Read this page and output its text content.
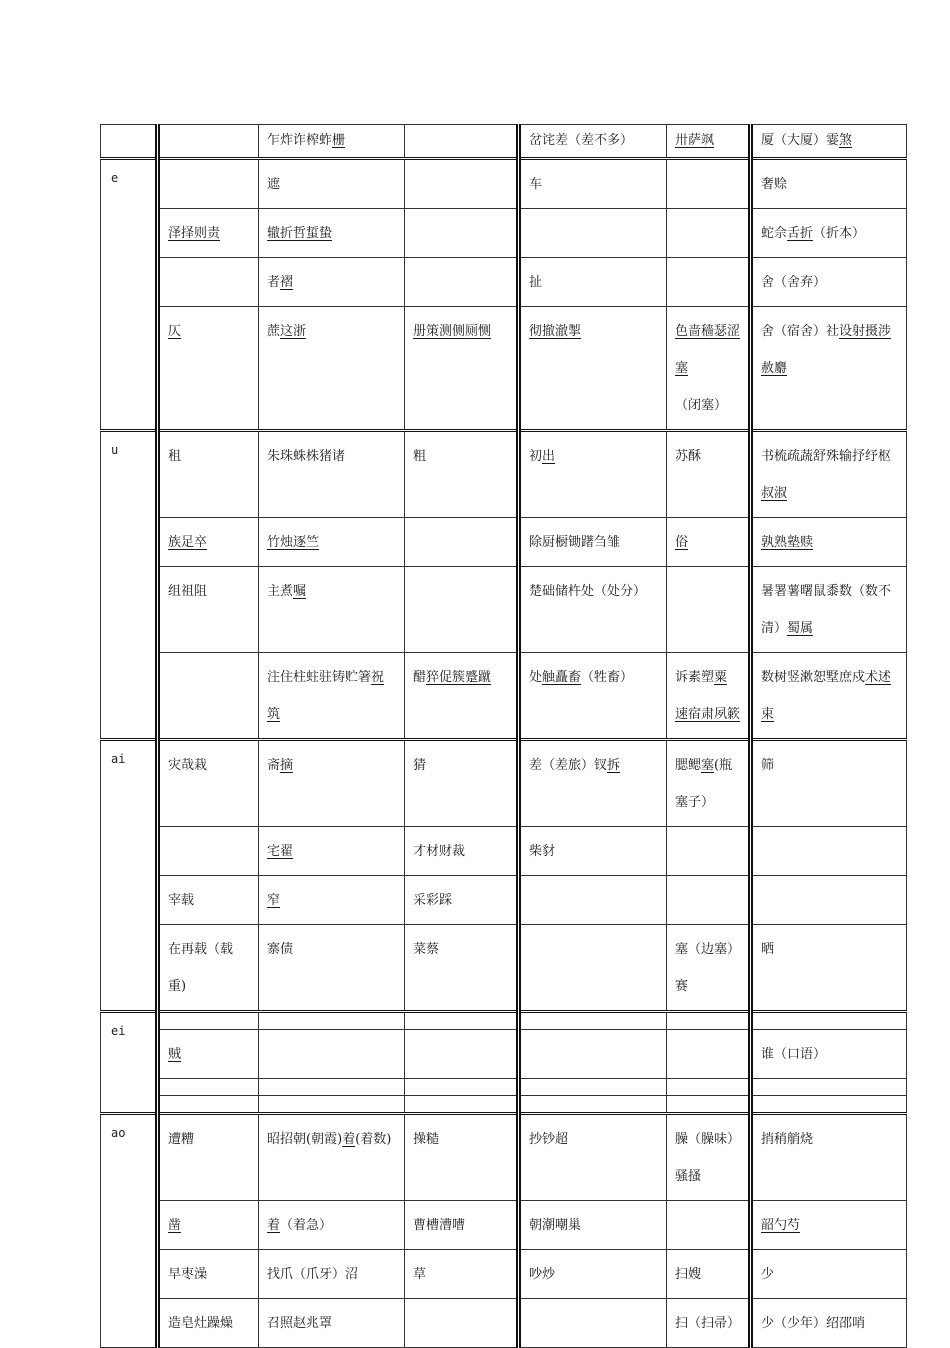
		乍炸诈榨蚱栅		岔诧差（差不多）	卅萨飒	厦（大厦）霎煞
e		遮		车		奢赊
	泽择则责	辙折哲蜇蛰				蛇佘舌折（折本）
		者褶		扯		舍（舍弃）
	仄	蔗这浙	册策测侧厕恻	彻撤澈掣	色啬穑瑟涩塞（闭塞）	舍（宿舍）社设射摄涉赦麝
u	租	朱珠蛛株猪诸	粗	初出	苏酥	书梳疏蔬舒殊输抒纾枢叔淑
	族足卒	竹烛逐竺		除厨橱锄躇刍雏	俗	孰熟塾赎
	组祖阻	主煮嘱		楚础储杵处（处分）		暑署薯曙鼠黍数（数不清）蜀属
		注住柱蛀驻铸贮箸祝筑	醋猝促簇蹙蹴	处触矗畜（牲畜）	诉素塑粟速宿肃夙簌	数树竖漱恕墅庶戍术述束
ai	灾哉栽	斋摘	猜	差（差旅）钗拆	腮鳃塞(瓶塞子）	筛
		宅翟	才材财裁	柴豺		
	宰载	窄	采彩踩			
	在再载（载重)	寨债	菜蔡		塞（边塞）赛	晒
ei						
	贼					谁（口语）

ao	遭糟	昭招朝(朝霞)着(着数)	操糙	抄钞超	臊（臊味）骚搔	捎稍艄烧
	凿	着（着急）	曹槽漕嘈	朝潮嘲巢		韶勺芍
	早枣澡	找爪（爪牙）沼	草	吵炒	扫嫂	少
	造皂灶躁燥	召照赵兆罩			扫（扫帚）	少（少年）绍邵哨
